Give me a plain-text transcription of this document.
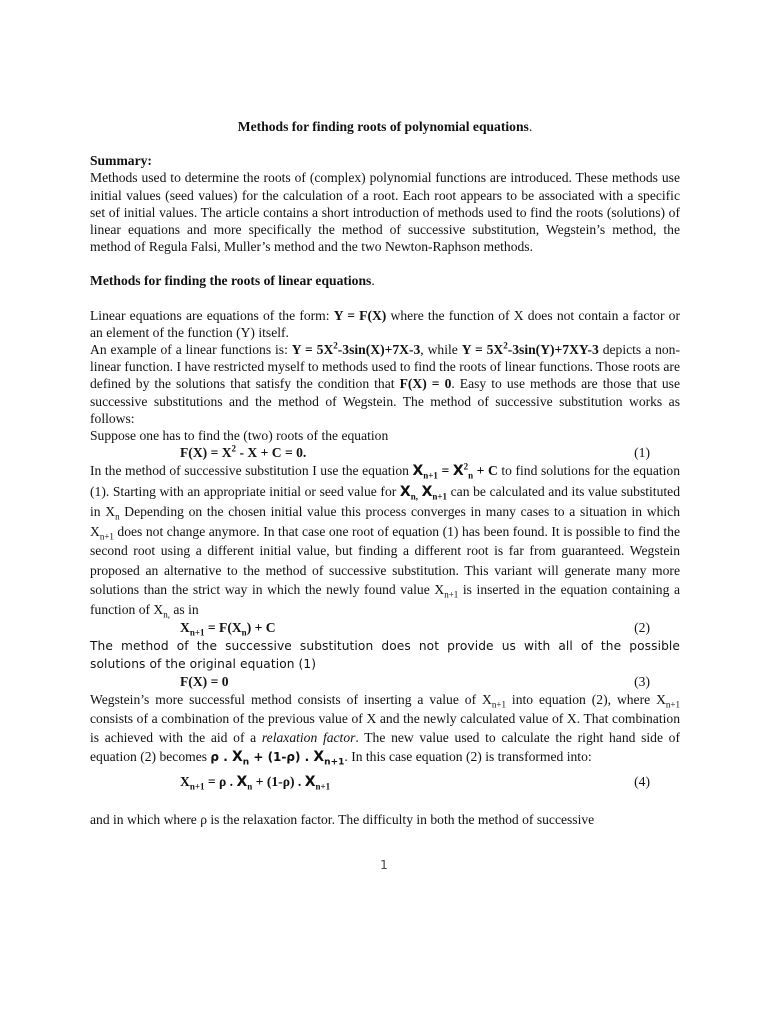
Methods for finding roots of polynomial equations.

Summary:

Methods used to determine the roots of (complex) polynomial functions are introduced. These methods use initial values (seed values) for the calculation of a root. Each root appears to be associated with a specific set of initial values. The article contains a short introduction of methods used to find the roots (solutions) of linear equations and more specifically the method of successive substitution, Wegstein’s method, the method of Regula Falsi, Muller’s method and the two Newton-Raphson methods.

Methods for finding the roots of linear equations.

Linear equations are equations of the form: Y = F(X) where the function of X does not contain a factor or an element of the function (Y) itself.

An example of a linear functions is: $Y = 5X^2-3\sin(X)+7X-3$, while $Y = 5X^2-3\sin(Y)+7XY-3$ depicts a non-linear function. I have restricted myself to methods used to find the roots of linear functions. Those roots are defined by the solutions that satisfy the condition that F(X) = 0. Easy to use methods are those that use successive substitutions and the method of Wegstein. The method of successive substitution works as follows:

Suppose one has to find the (two) roots of the equation

$F(X) = X^2 - X + C = 0$.	(1)

In the method of successive substitution I use the equation $X_{n+1} = X^2_n + C$ to find solutions for the equation (1). Starting with an appropriate initial or seed value for $X_{n,}$ $X_{n+1}$ can be calculated and its value substituted in $X_n$ Depending on the chosen initial value this process converges in many cases to a situation in which $X_{n+1}$ does not change anymore. In that case one root of equation (1) has been found. It is possible to find the second root using a different initial value, but finding a different root is far from guaranteed. Wegstein proposed an alternative to the method of successive substitution. This variant will generate many more solutions than the strict way in which the newly found value $X_{n+1}$ is inserted in the equation containing a function of $X_{n,}$ as in

$X_{n+1} = F(X_n) + C$	(2)

The method of the successive substitution does not provide us with all of the possible solutions of the original equation (1)

F(X) = 0	(3)

Wegstein’s more successful method consists of inserting a value of $X_{n+1}$ into equation (2), where $X_{n+1}$ consists of a combination of the previous value of X and the newly calculated value of X. That combination is achieved with the aid of a relaxation factor. The new value used to calculate the right hand side of equation (2) becomes ρ . $X_n + (1-\rho)$ . $X_{n+1}$. In this case equation (2) is transformed into:

$X_{n+1} = \rho$ . $X_n + (1-\rho)$ . $X_{n+1}$	(4)

and in which where ρ is the relaxation factor. The difficulty in both the method of successive

1
